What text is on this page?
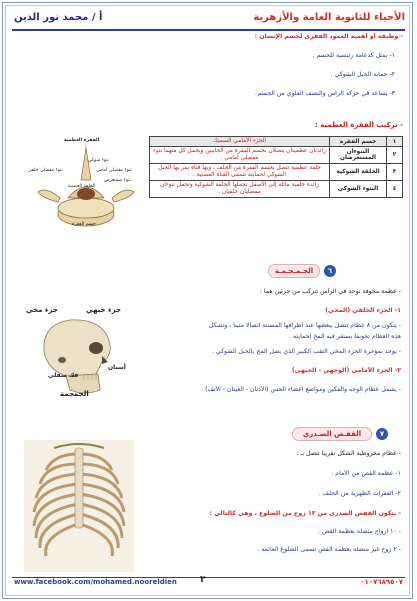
الأحياء للثانوية العامة والأزهرية
أ / محمد نور الدين
- وظيفة أو أهمية العمود الفقرى لجسم الإنسان :
١- يمثل كدعامة رئيسية للجسم .
٢- حماية الحبل الشوكي .
٣- يساعد في حركة الرأس والنصف العلوي من الجسم .
- تركيب الفقرة العظمية :
الفقرة العظمية
نتوء شوكى
نتوء مفصلى أمامى
نتوء مفصلى خلفى
الحلقة العصبية
نتوء مستعرض
جسم الفقرة
١	جسم الفقرة	الجزء الأمامي السميك
٢	النتوءان المستعرضان	زائدتان عظميتان يتصلان بجسم الفقرة من الجانبين ويحمل كل منهما نتوء مفصلي أمامي .
٣	الحلقة الشوكية	حلقة عظمية تتصل بجسم الفقرة من الخلف ، وبها قناة يمر بها الحبل الشوكي لحمايته تسمى القناة العصبية .
٤	النتوء الشوكي	زائدة خلفية مائلة إلى الأسفل تحملها الحلقة الشوكية وتحمل نتوءان مفصليان خلفيان .
٦
الجـمـجـمـة
- عظمة مجوفة توجد في الرأس تتركب من جزئين هما :
١- الجزء الخلفي (المخي)
- يتكون من ٨ عظام تتصل ببعضها عند أطرافها المسننة اتصالا متينا ، وتشكل
هذه العظام تجويفا يستقر فيه المخ لحمايته .
- يوجد بمؤخرة الجزء المخي الثقب الكبير الذي يصل المخ بالحبل الشوكي .
٢- الجزء الأمامي (الوجهي - الجبهي)
- يشمل عظام الوجه والفكين ومواضع أعضاء الحس (الأذنان - العينان - الأنف) .
جزء مخي	جزء جبهي
أسنان
فك سفلي
الجمجمة
٧
القفـص الصـدري
- عظام مخروطية الشكل تقريباً تتصل بـ :
١- عظمة القص من الأمام .
٢- الفقرات الظهرية من الخلف .
- يتكون القفص الصدري من ١٢ زوج من الضلوع ، وهي كالتالي :
- ١٠ أزواج متصلة بعظمة القص .
- ٢ زوج غير متصلة بعظمة القص تسمى الضلوع العائمة .
www.facebook.com/mohamed.nooreldien	٣	٠١٠٧٦٨٩٥٠٧
